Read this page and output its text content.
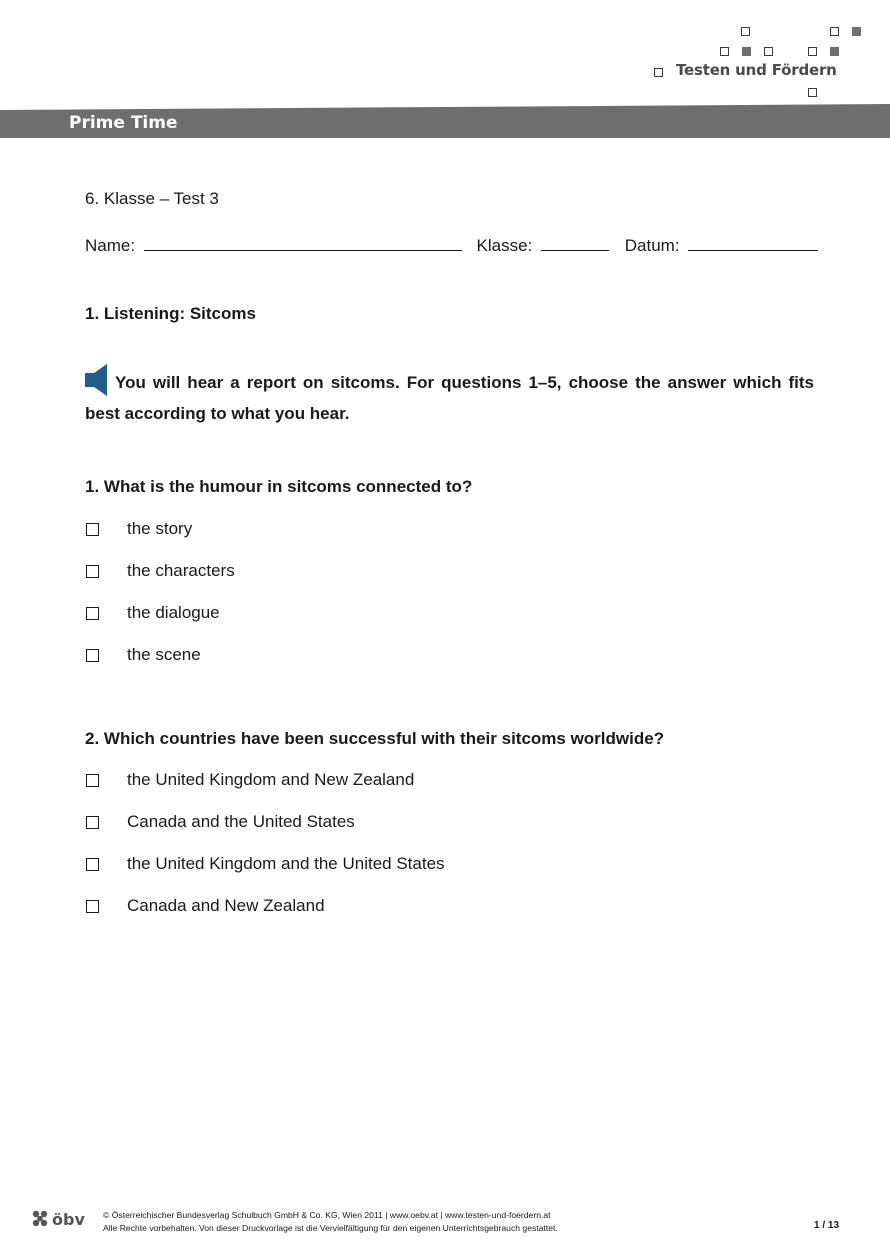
Testen und Fördern
Prime Time
6. Klasse – Test 3
Name:	Klasse:	Datum:
1. Listening: Sitcoms
You will hear a report on sitcoms. For questions 1–5, choose the answer which fits best according to what you hear.
1. What is the humour in sitcoms connected to?
the story
the characters
the dialogue
the scene
2. Which countries have been successful with their sitcoms worldwide?
the United Kingdom and New Zealand
Canada and the United States
the United Kingdom and the United States
Canada and New Zealand
öbv © Österreichischer Bundesverlag Schulbuch GmbH & Co. KG, Wien 2011 | www.oebv.at | www.testen-und-foerdern.at
Alle Rechte vorbehalten. Von dieser Druckvorlage ist die Vervielfältigung für den eigenen Unterrichtsgebrauch gestattet.	1 / 13
